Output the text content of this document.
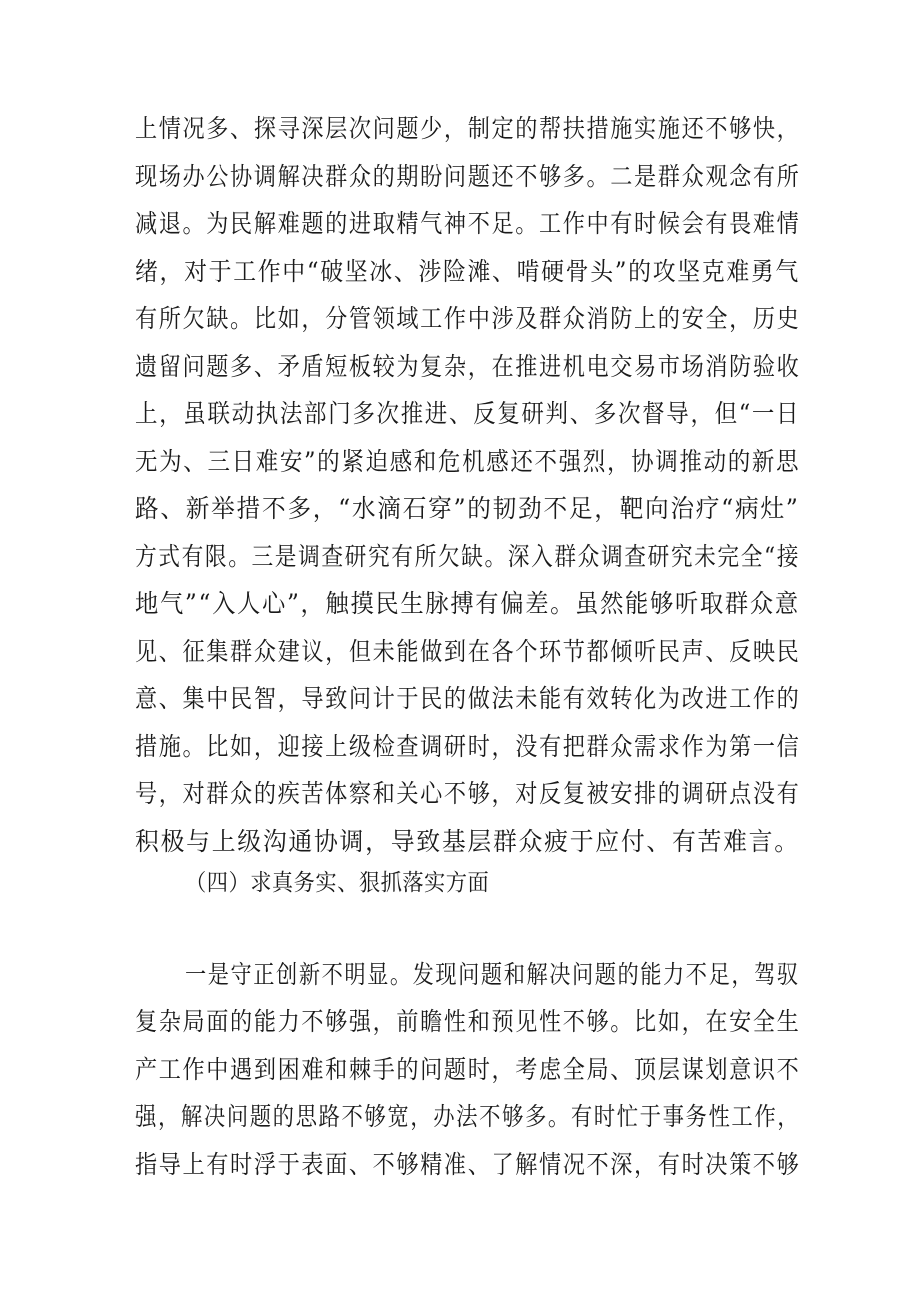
上情况多、探寻深层次问题少，制定的帮扶措施实施还不够快，
现场办公协调解决群众的期盼问题还不够多。二是群众观念有所
减退。为民解难题的进取精气神不足。工作中有时候会有畏难情
绪，对于工作中“破坚冰、涉险滩、啃硬骨头”的攻坚克难勇气
有所欠缺。比如，分管领域工作中涉及群众消防上的安全，历史
遗留问题多、矛盾短板较为复杂，在推进机电交易市场消防验收
上，虽联动执法部门多次推进、反复研判、多次督导，但“一日
无为、三日难安”的紧迫感和危机感还不强烈，协调推动的新思
路、新举措不多，“水滴石穿”的韧劲不足，靶向治疗“病灶”
方式有限。三是调查研究有所欠缺。深入群众调查研究未完全“接
地气”“入人心”，触摸民生脉搏有偏差。虽然能够听取群众意
见、征集群众建议，但未能做到在各个环节都倾听民声、反映民
意、集中民智，导致问计于民的做法未能有效转化为改进工作的
措施。比如，迎接上级检查调研时，没有把群众需求作为第一信
号，对群众的疾苦体察和关心不够，对反复被安排的调研点没有
积极与上级沟通协调，导致基层群众疲于应付、有苦难言。
（四）求真务实、狠抓落实方面
一是守正创新不明显。发现问题和解决问题的能力不足，驾驭
复杂局面的能力不够强，前瞻性和预见性不够。比如，在安全生
产工作中遇到困难和棘手的问题时，考虑全局、顶层谋划意识不
强，解决问题的思路不够宽，办法不够多。有时忙于事务性工作，
指导上有时浮于表面、不够精准、了解情况不深，有时决策不够
